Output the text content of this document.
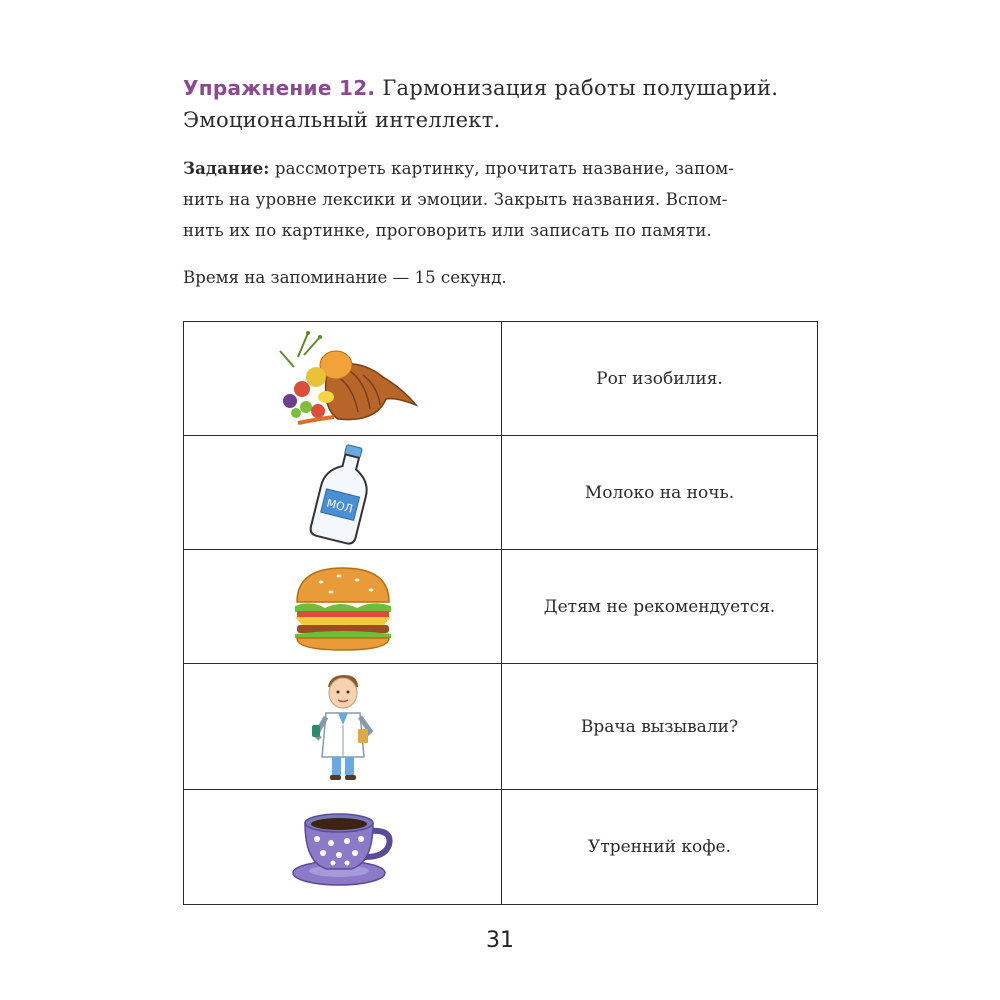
Упражнение 12. Гармонизация работы полушарий.
Эмоциональный интеллект.
Задание: рассмотреть картинку, прочитать название, запом-
нить на уровне лексики и эмоции. Закрыть названия. Вспом-
нить их по картинке, проговорить или записать по памяти.
Время на запоминание — 15 секунд.
	Рог изобилия.

МОЛ	Молоко на ночь.
	Детям не рекомендуется.
	Врача вызывали?
	Утренний кофе.
31
